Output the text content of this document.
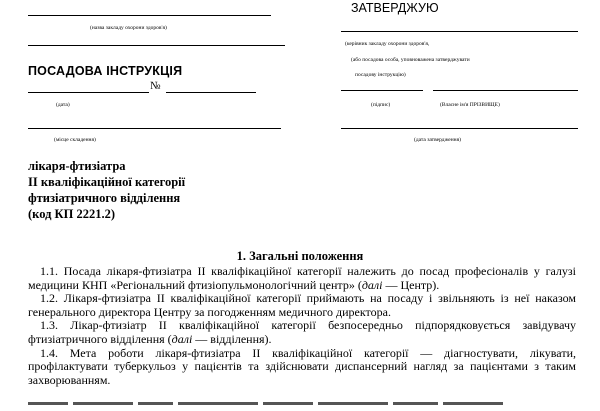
(назва закладу охорони здоров'я)
ПОСАДОВА ІНСТРУКЦІЯ
№
(дата)
(місце складення)
ЗАТВЕРДЖУЮ
(керівник закладу охорони здоров'я,
(або посадова особа, уповноважена затверджувати
посадову інструкцію)
(підпис)	(Власне ім'я ПРІЗВИЩЕ)
(дата затвердження)
лікаря-фтизіатра
II кваліфікаційної категорії
фтизіатричного відділення
(код КП 2221.2)
1. Загальні положення
1.1. Посада лікаря-фтизіатра II кваліфікаційної категорії належить до посад професіоналів у галузі медицини КНП «Регіональний фтизіопульмонологічний центр» (далі — Центр).
1.2. Лікаря-фтизіатра II кваліфікаційної категорії приймають на посаду і звільняють із неї наказом генерального директора Центру за погодженням медичного директора.
1.3. Лікар-фтизіатр II кваліфікаційної категорії безпосередньо підпорядковується завідувачу фтизіатричного відділення (далі — відділення).
1.4. Мета роботи лікаря-фтизіатра II кваліфікаційної категорії — діагностувати, лікувати, профілактувати туберкульоз у пацієнтів та здійснювати диспансерний нагляд за пацієнтами з таким захворюванням.
